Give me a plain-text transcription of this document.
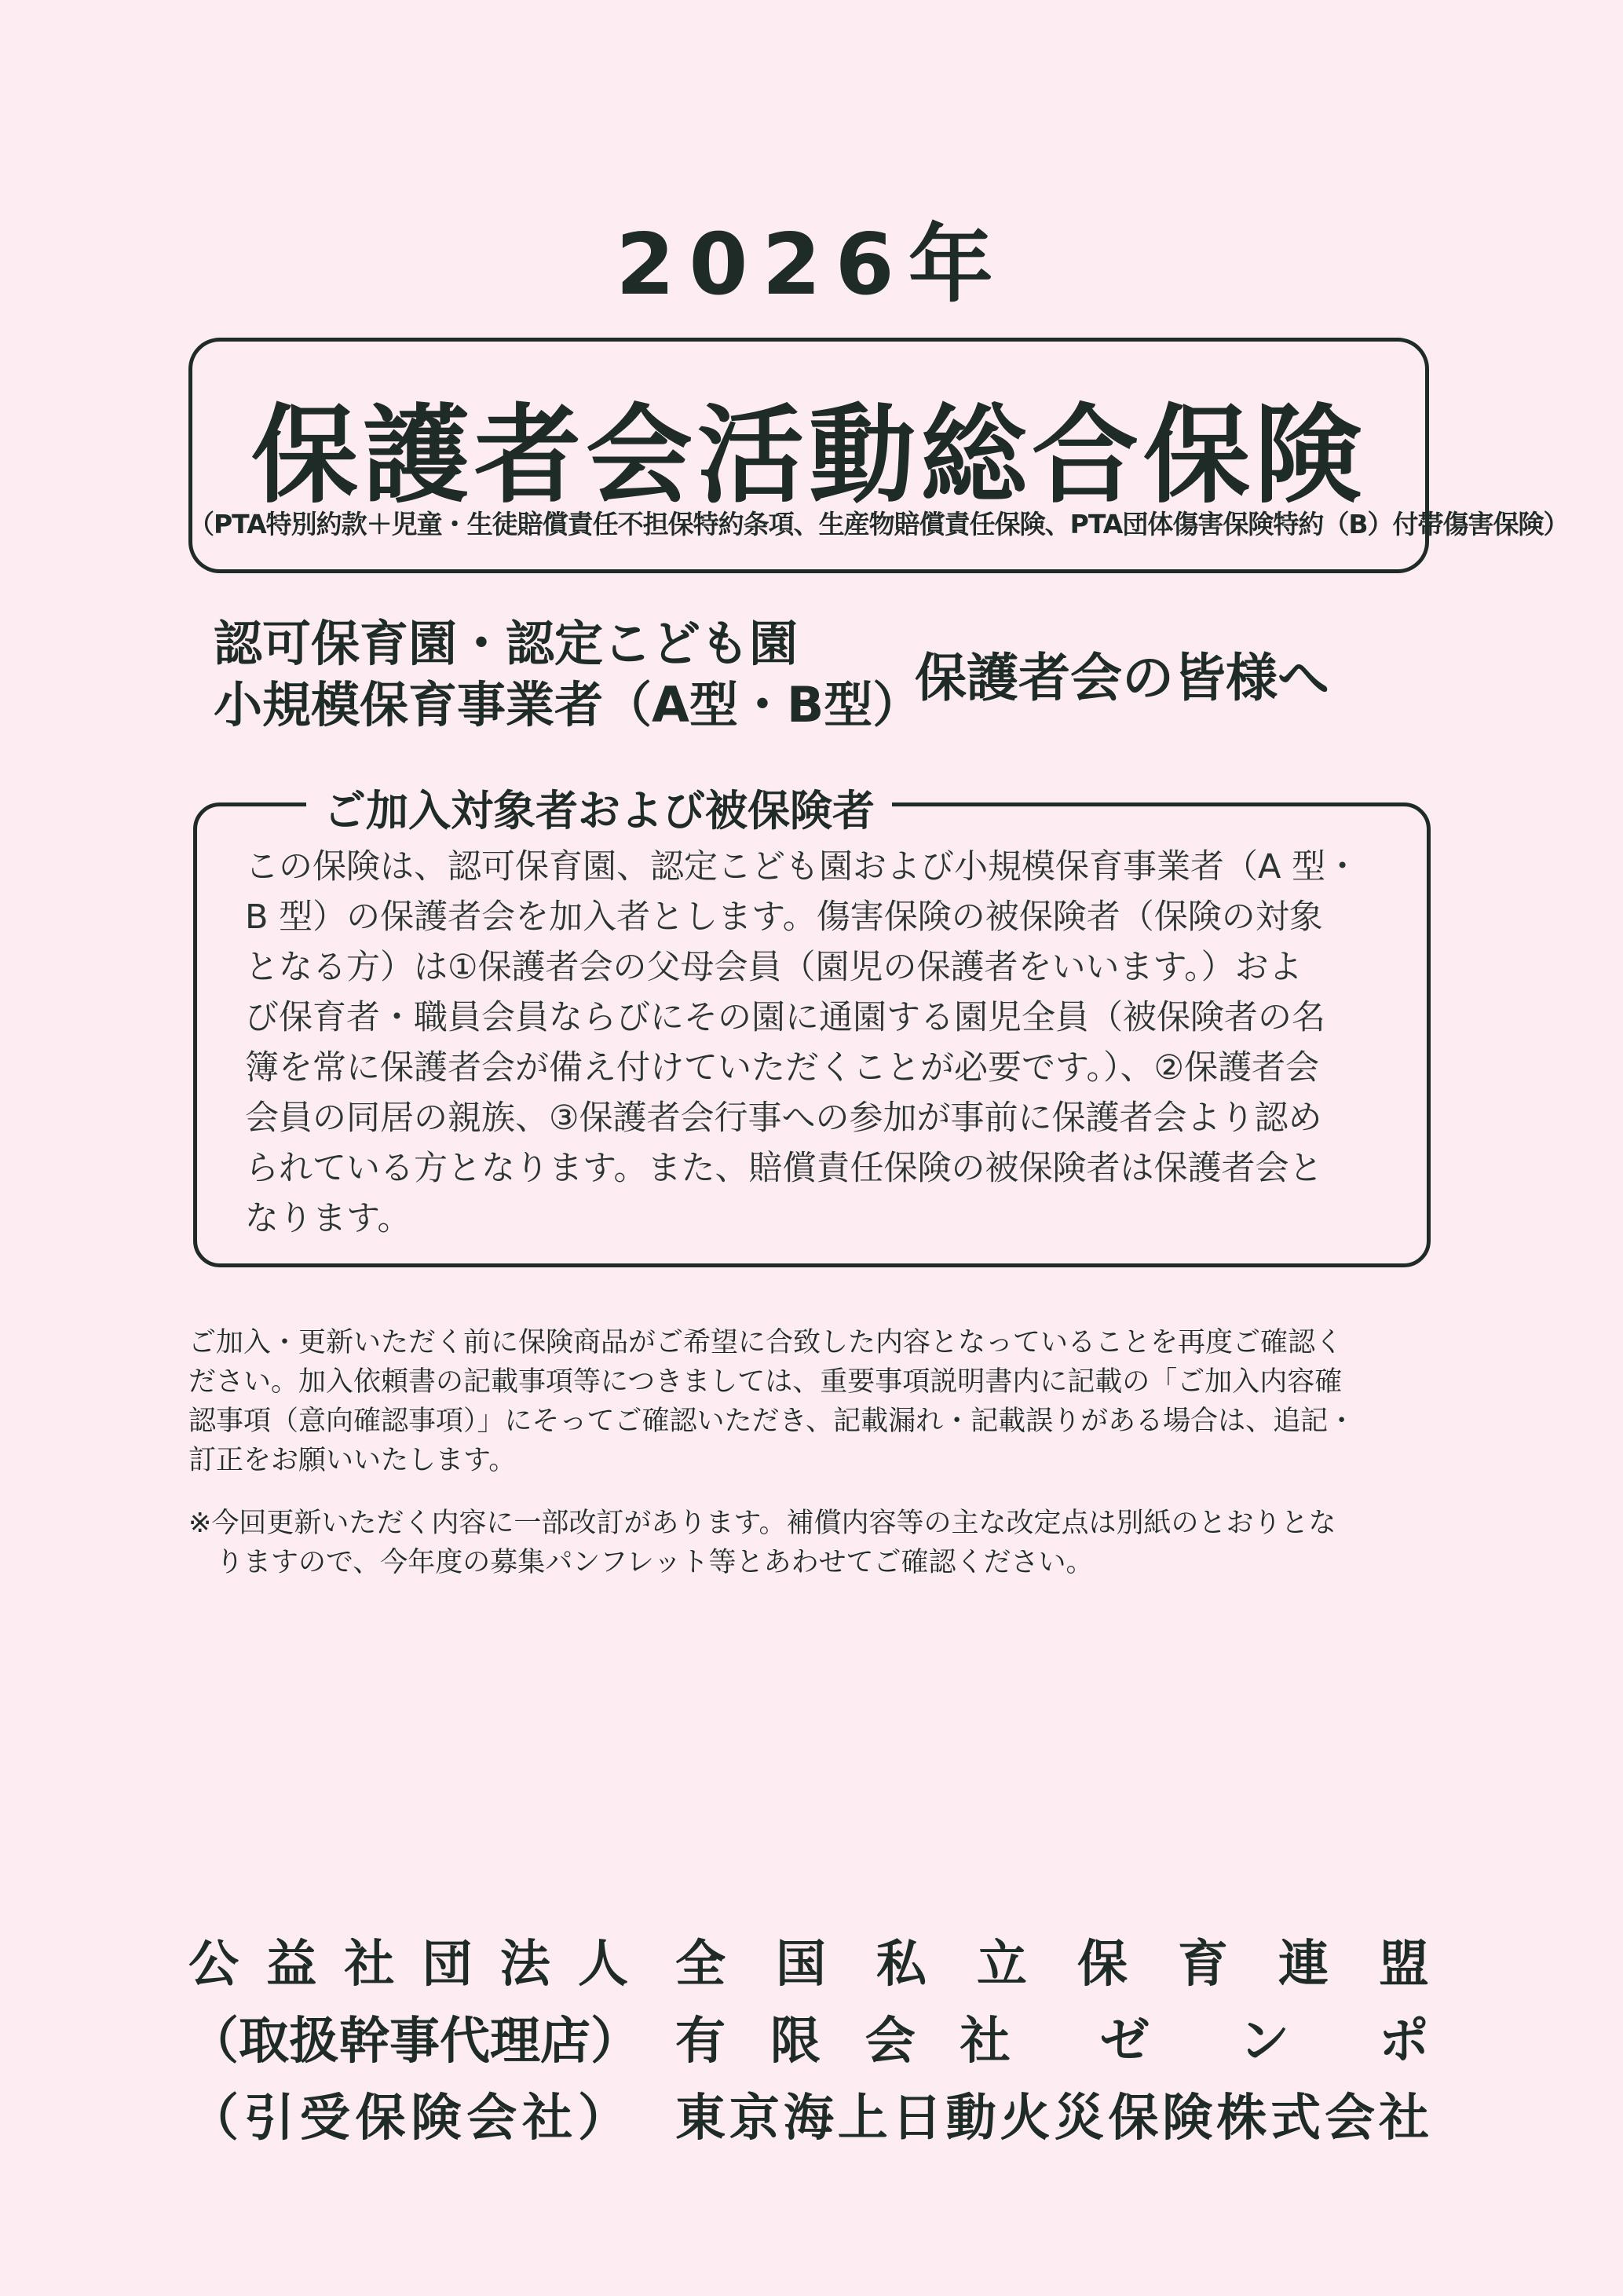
2026年
保護者会活動総合保険
（PTA特別約款＋児童・生徒賠償責任不担保特約条項、生産物賠償責任保険、PTA団体傷害保険特約（B）付帯傷害保険）
認可保育園・認定こども園
小規模保育事業者（A型・B型）
保護者会の皆様へ
ご加入対象者および被保険者
この保険は、認可保育園、認定こども園および小規模保育事業者（A 型・
B 型）の保護者会を加入者とします。傷害保険の被保険者（保険の対象
となる方）は①保護者会の父母会員（園児の保護者をいいます。）およ
び保育者・職員会員ならびにその園に通園する園児全員（被保険者の名
簿を常に保護者会が備え付けていただくことが必要です。）、②保護者会
会員の同居の親族、③保護者会行事への参加が事前に保護者会より認め
られている方となります。また、賠償責任保険の被保険者は保護者会と
なります。
ご加入・更新いただく前に保険商品がご希望に合致した内容となっていることを再度ご確認く
ださい。加入依頼書の記載事項等につきましては、重要事項説明書内に記載の「ご加入内容確
認事項（意向確認事項）」にそってご確認いただき、記載漏れ・記載誤りがある場合は、追記・
訂正をお願いいたします。
※今回更新いただく内容に一部改訂があります。補償内容等の主な改定点は別紙のとおりとな
　りますので、今年度の募集パンフレット等とあわせてご確認ください。
公 益 社 団 法 人 全 国 私 立 保 育 連 盟
（ 取 扱 幹 事 代 理 店 ） 有 限 会 社 ゼ ン ポ
（ 引 受 保 険 会 社 ） 東 京 海 上 日 動 火 災 保 険 株 式 会 社
